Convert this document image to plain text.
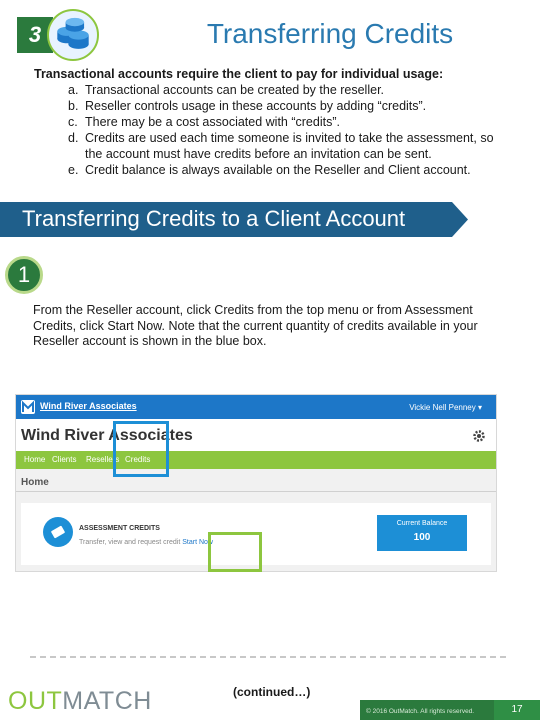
3	Transferring Credits
Transactional accounts require the client to pay for individual usage:
a. Transactional accounts can be created by the reseller.
b. Reseller controls usage in these accounts by adding “credits”.
c. There may be a cost associated with “credits”.
d. Credits are used each time someone is invited to take the assessment, so the account must have credits before an invitation can be sent.
e. Credit balance is always available on the Reseller and Client account.
Transferring Credits to a Client Account
1
From the Reseller account, click Credits from the top menu or from Assessment Credits, click Start Now. Note that the current quantity of credits available in your Reseller account is shown in the blue box.
Wind River Associates	Vickie Nell Penney ▾
Wind River Associates
Home Clients Resellers Credits
Home
ASSESSMENT CREDITS
Transfer, view and request credit Start Now
Current Balance
100
OUTMATCH	(continued…)
© 2016 OutMatch. All rights reserved.	17
